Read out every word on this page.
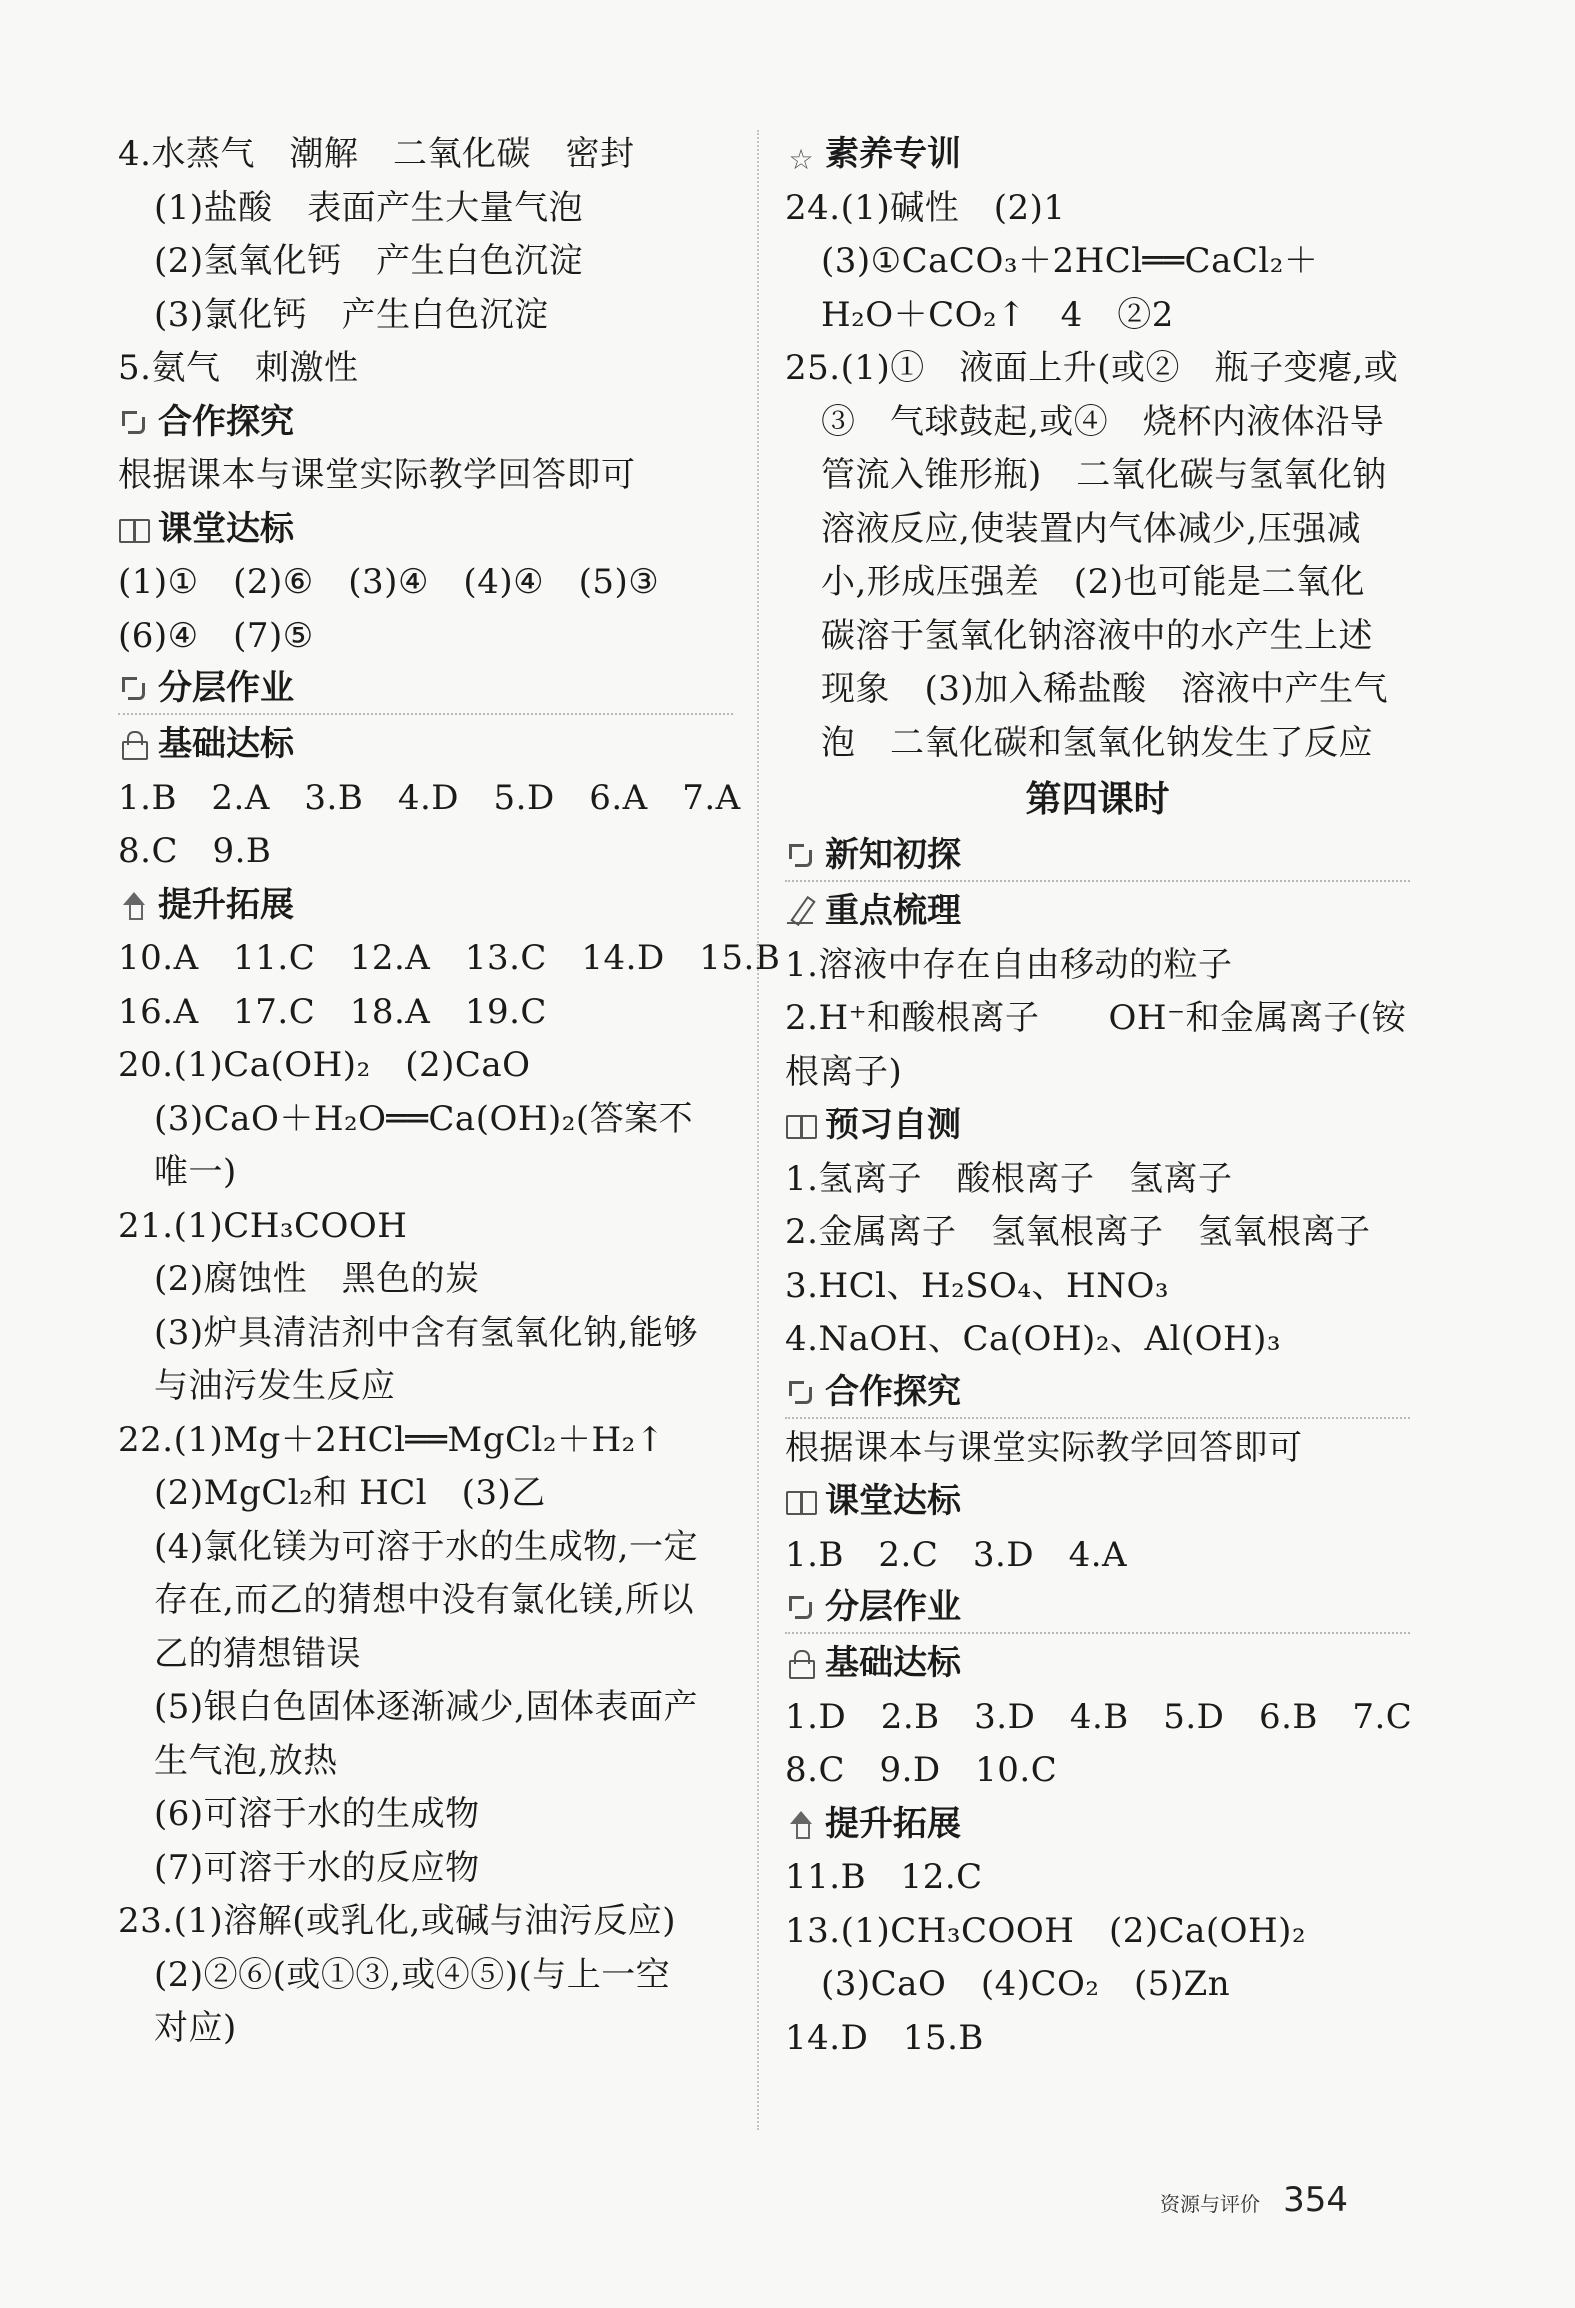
4.水蒸气　潮解　二氧化碳　密封
(1)盐酸　表面产生大量气泡
(2)氢氧化钙　产生白色沉淀
(3)氯化钙　产生白色沉淀
5.氨气　刺激性
合作探究
根据课本与课堂实际教学回答即可
课堂达标
(1)①　(2)⑥　(3)④　(4)④　(5)③
(6)④　(7)⑤
分层作业
基础达标
1.B　2.A　3.B　4.D　5.D　6.A　7.A
8.C　9.B
提升拓展
10.A　11.C　12.A　13.C　14.D　15.B
16.A　17.C　18.A　19.C
20.(1)Ca(OH)₂　(2)CaO
(3)CaO＋H₂O══Ca(OH)₂(答案不
唯一)
21.(1)CH₃COOH
(2)腐蚀性　黑色的炭
(3)炉具清洁剂中含有氢氧化钠,能够
与油污发生反应
22.(1)Mg＋2HCl══MgCl₂＋H₂↑
(2)MgCl₂和 HCl　(3)乙
(4)氯化镁为可溶于水的生成物,一定
存在,而乙的猜想中没有氯化镁,所以
乙的猜想错误
(5)银白色固体逐渐减少,固体表面产
生气泡,放热
(6)可溶于水的生成物
(7)可溶于水的反应物
23.(1)溶解(或乳化,或碱与油污反应)
(2)②⑥(或①③,或④⑤)(与上一空
对应)
☆ 素养专训
24.(1)碱性　(2)1
(3)①CaCO₃＋2HCl══CaCl₂＋
H₂O＋CO₂↑　4　②2
25.(1)①　液面上升(或②　瓶子变瘪,或
③　气球鼓起,或④　烧杯内液体沿导
管流入锥形瓶)　二氧化碳与氢氧化钠
溶液反应,使装置内气体减少,压强减
小,形成压强差　(2)也可能是二氧化
碳溶于氢氧化钠溶液中的水产生上述
现象　(3)加入稀盐酸　溶液中产生气
泡　二氧化碳和氢氧化钠发生了反应
第四课时
新知初探
重点梳理
1.溶液中存在自由移动的粒子
2.H⁺和酸根离子　　OH⁻和金属离子(铵
根离子)
预习自测
1.氢离子　酸根离子　氢离子
2.金属离子　氢氧根离子　氢氧根离子
3.HCl、H₂SO₄、HNO₃
4.NaOH、Ca(OH)₂、Al(OH)₃
合作探究
根据课本与课堂实际教学回答即可
课堂达标
1.B　2.C　3.D　4.A
分层作业
基础达标
1.D　2.B　3.D　4.B　5.D　6.B　7.C
8.C　9.D　10.C
提升拓展
11.B　12.C
13.(1)CH₃COOH　(2)Ca(OH)₂
(3)CaO　(4)CO₂　(5)Zn
14.D　15.B
资源与评价 354
